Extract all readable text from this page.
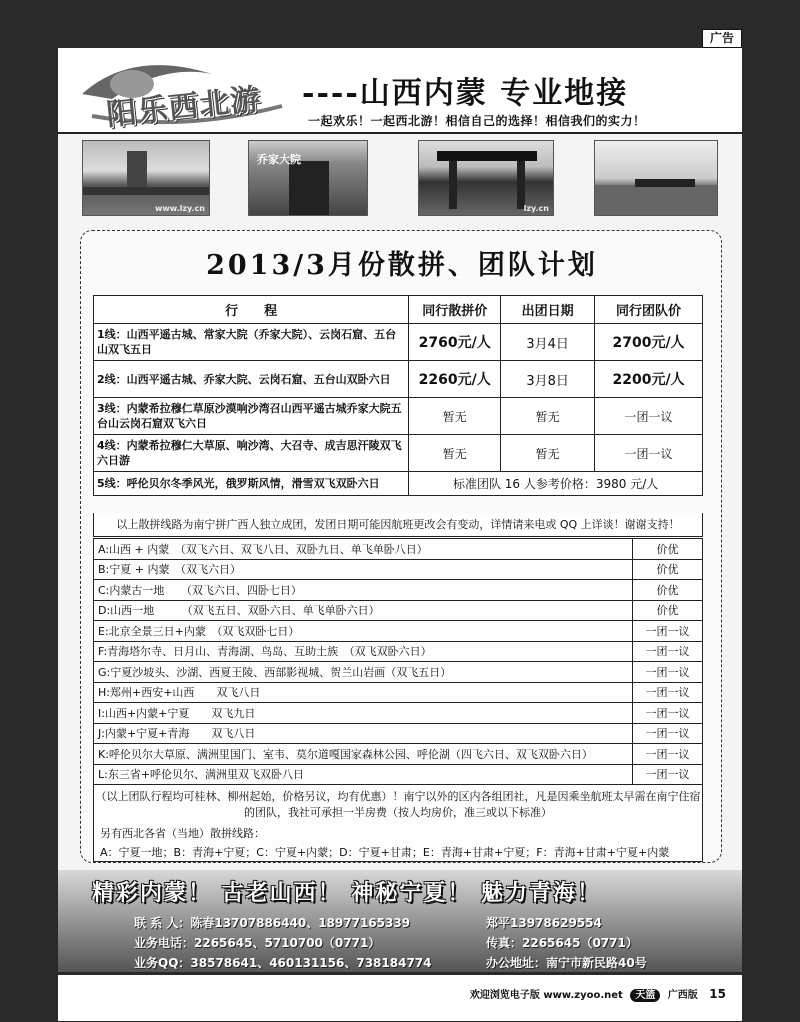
广告
阳乐西北游 ----山西内蒙 专业地接
一起欢乐！一起西北游！相信自己的选择！相信我们的实力！
www.lzy.cn
乔家大院
lzy.cn
2013/3月份散拼、团队计划
行　　程	同行散拼价	出团日期	同行团队价
1线：山西平遥古城、常家大院（乔家大院）、云岗石窟、五台山双飞五日	2760元/人	3月4日	2700元/人
2线：山西平遥古城、乔家大院、云岗石窟、五台山双卧六日	2260元/人	3月8日	2200元/人
3线：内蒙希拉穆仁草原沙漠响沙湾召山西平遥古城乔家大院五台山云岗石窟双飞六日	暂无	暂无	一团一议
4线：内蒙希拉穆仁大草原、响沙湾、大召寺、成吉思汗陵双飞六日游	暂无	暂无	一团一议
5线：呼伦贝尔冬季风光，俄罗斯风情，滑雪双飞双卧六日	标准团队 16 人参考价格：3980 元/人		
以上散拼线路为南宁拼广西人独立成团，发团日期可能因航班更改会有变动，详情请来电或 QQ 上详谈！谢谢支持！
A:山西 + 内蒙　（双飞六日、双飞八日、双卧九日、单飞单卧八日）	价优
B:宁夏 + 内蒙　（双飞六日）	价优
C:内蒙古一地　　（双飞六日、四卧七日）	价优
D:山西一地　　　（双飞五日、双卧六日、单飞单卧六日）	价优
E:北京全景三日+内蒙　（双飞双卧七日）	一团一议
F:青海塔尔寺、日月山、青海湖、鸟岛、互助土族　（双飞双卧六日）	一团一议
G:宁夏沙坡头、沙湖、西夏王陵、西部影视城、贺兰山岩画（双飞五日）	一团一议
H:郑州+西安+山西　　双飞八日	一团一议
I:山西+内蒙+宁夏　　双飞九日	一团一议
J:内蒙+宁夏+青海　　双飞八日	一团一议
K:呼伦贝尔大草原、满洲里国门、室韦、莫尔道嘎国家森林公园、呼伦湖（四飞六日、双飞双卧六日）	一团一议
L:东三省+呼伦贝尔、满洲里双飞双卧八日	一团一议
（以上团队行程均可桂林、柳州起始，价格另议，均有优惠）！南宁以外的区内各组团社，凡是因乘坐航班太早需在南宁住宿的团队，我社可承担一半房费（按人均房价，准三或以下标准）
另有西北各省（当地）散拼线路：
A：宁夏一地；B：青海+宁夏；C：宁夏+内蒙；D：宁夏+甘肃；E：青海+甘肃+宁夏；F：青海+甘肃+宁夏+内蒙
精彩内蒙！ 古老山西！ 神秘宁夏！ 魅力青海！
联 系 人：陈春13707886440、18977165339	郑平13978629554
业务电话：2265645、5710700（0771）	传真：2265645（0771）
业务QQ：38578641、460131156、738184774	办公地址：南宁市新民路40号
欢迎浏览电子版 www.zyoo.net 天篮 广西版 15
